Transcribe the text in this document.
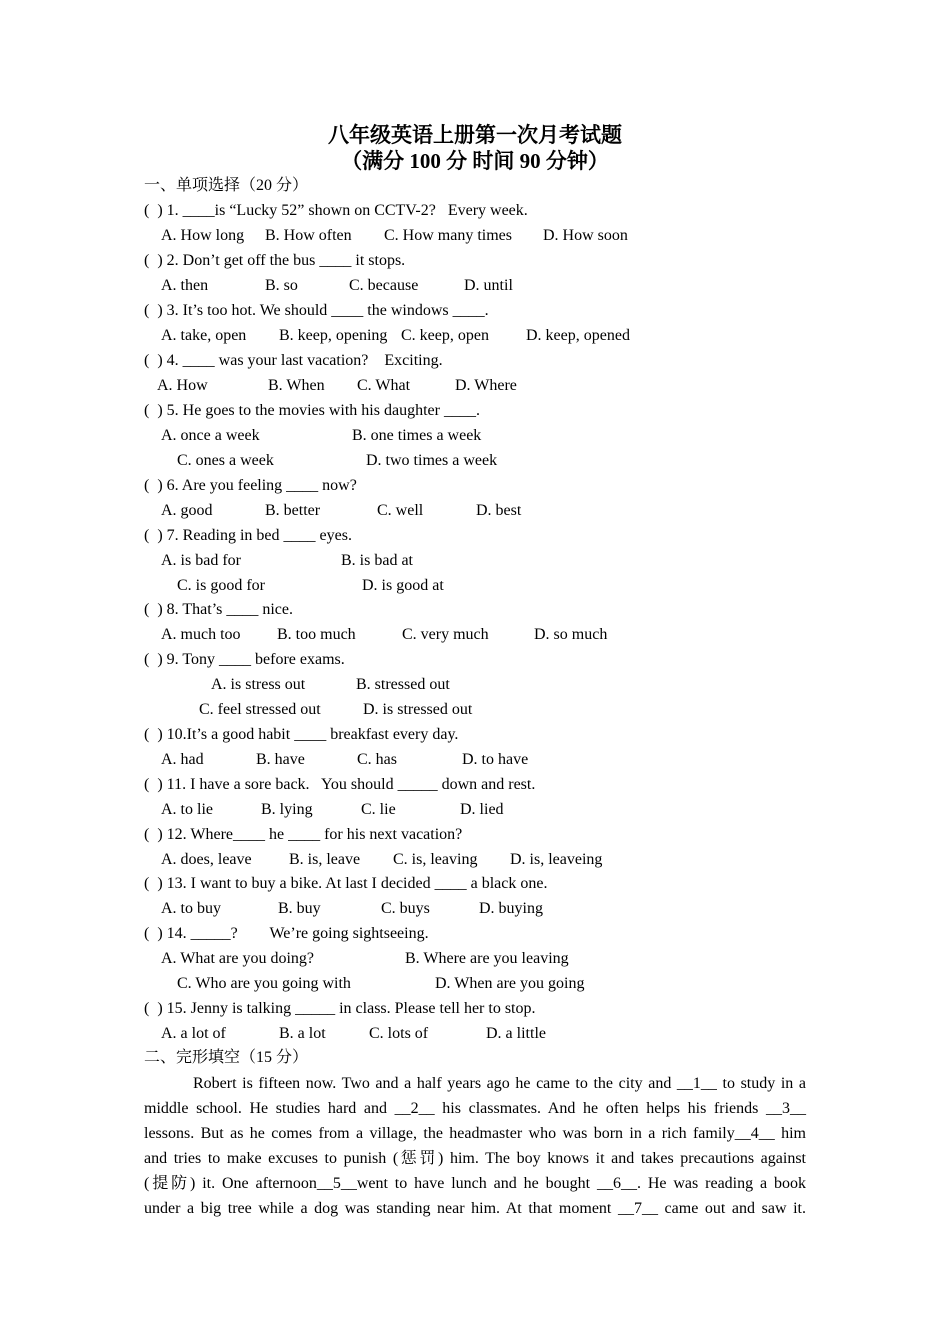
八年级英语上册第一次月考试题
（满分 100 分 时间 90 分钟）
一、单项选择（20 分）
(  ) 1. ____is “Lucky 52” shown on CCTV-2?   Every week.
A. How long B. How often C. How many times D. How soon
(  ) 2. Don’t get off the bus ____ it stops.
A. then	B. so	C. because	D. until
(  ) 3. It’s too hot. We should ____ the windows ____.
A. take, open B. keep, opening C. keep, open D. keep, opened
(  ) 4. ____ was your last vacation?    Exciting.
A. How	B. When C. What	D. Where
(  ) 5. He goes to the movies with his daughter ____.
A. once a week	B. one times a week
C. ones a week	D. two times a week
(  ) 6. Are you feeling ____ now?
A. good	B. better	C. well	D. best
(  ) 7. Reading in bed ____ eyes.
A. is bad for	B. is bad at
C. is good for	D. is good at
(  ) 8. That’s ____ nice.
A. much too B. too much	C. very much	D. so much
(  ) 9. Tony ____ before exams.
A. is stress out	B. stressed out
C. feel stressed out	D. is stressed out
(  ) 10.It’s a good habit ____ breakfast every day.
A. had	B. have	C. has	D. to have
(  ) 11. I have a sore back.   You should _____ down and rest.
A. to lie	B. lying	C. lie	D. lied
(  ) 12. Where____ he ____ for his next vacation?
A. does, leave B. is, leave C. is, leaving D. is, leaveing
(  ) 13. I want to buy a bike. At last I decided ____ a black one.
A. to buy	B. buy	C. buys	D. buying
(  ) 14. _____?        We’re going sightseeing.
A. What are you doing?	B. Where are you leaving
C. Who are you going with	D. When are you going
(  ) 15. Jenny is talking _____ in class. Please tell her to stop.
A. a lot of	B. a lot	C. lots of	D. a little
二、完形填空（15 分）
Robert is fifteen now. Two and a half years ago he came to the city and __1__ to study in a
middle school. He studies hard and __2__ his classmates. And he often helps his friends __3__
lessons. But as he comes from a village, the headmaster who was born in a rich family__4__ him
and tries to make excuses to punish (惩罚) him. The boy knows it and takes precautions against
(提防) it. One afternoon__5__went to have lunch and he bought __6__. He was reading a book
under a big tree while a dog was standing near him. At that moment __7__ came out and saw it.
